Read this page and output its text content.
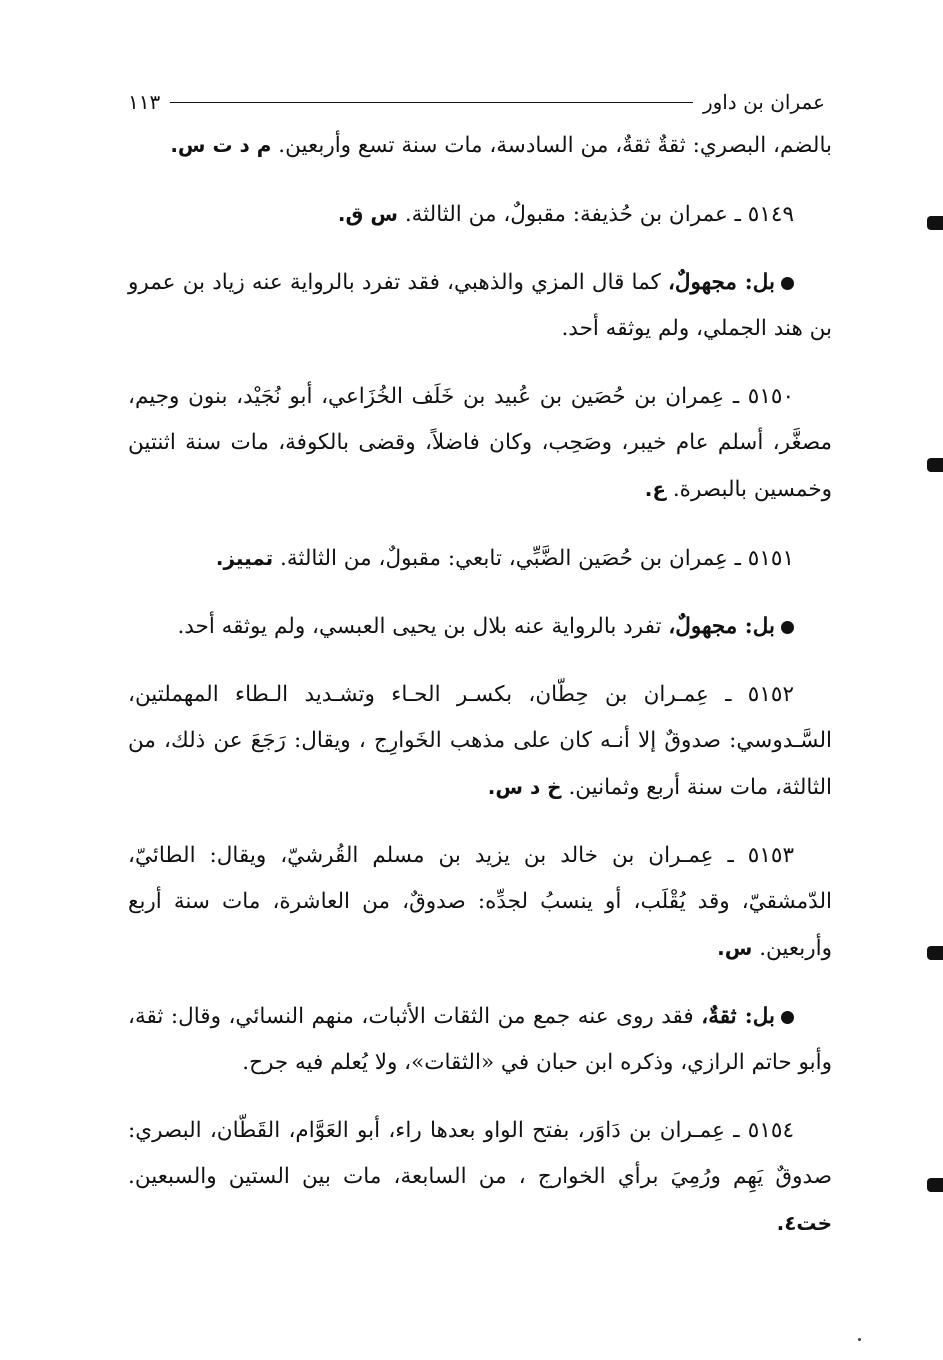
عمران بن داور
١١٣

بالضم، البصري: ثقةٌ ثقةٌ، من السادسة، مات سنة تسع وأربعين. م د ت س.

٥١٤٩ ـ عمران بن حُذيفة: مقبولٌ، من الثالثة. س ق.

بل: مجهولٌ، كما قال المزي والذهبي، فقد تفرد بالرواية عنه زياد بن عمرو بن هند الجملي، ولم يوثقه أحد.

٥١٥٠ ـ عِمران بن حُصَين بن عُبيد بن خَلَف الخُزَاعي، أبو نُجَيْد، بنون وجيم، مصغَّر، أسلم عام خيبر، وصَحِب، وكان فاضلاً، وقضى بالكوفة، مات سنة اثنتين وخمسين بالبصرة. ع.

٥١٥١ ـ عِمران بن حُصَين الضَّبِّي، تابعي: مقبولٌ، من الثالثة. تمييز.

بل: مجهولٌ، تفرد بالرواية عنه بلال بن يحيى العبسي، ولم يوثقه أحد.

٥١٥٢ ـ عِمـران بن حِطّان، بكسـر الحـاء وتشـديد الـطاء المهملتين، السَّـدوسي: صدوقٌ إلا أنـه كان على مذهب الخَوارِج ، ويقال: رَجَعَ عن ذلك، من الثالثة، مات سنة أربع وثمانين. خ د س.

٥١٥٣ ـ عِمـران بن خالد بن يزيد بن مسلم القُرشيّ، ويقال: الطائيّ، الدّمشقيّ، وقد يُقْلَب، أو ينسبُ لجدِّه: صدوقٌ، من العاشرة، مات سنة أربع وأربعين. س.

بل: ثقةٌ، فقد روى عنه جمع من الثقات الأثبات، منهم النسائي، وقال: ثقة، وأبو حاتم الرازي، وذكره ابن حبان في «الثقات»، ولا يُعلم فيه جرح.

٥١٥٤ ـ عِمـران بن دَاوَر، بفتح الواو بعدها راء، أبو العَوَّام، القَطّان، البصري: صدوقٌ يَهِم ورُمِيَ برأي الخوارج ، من السابعة، مات بين الستين والسبعين. خت٤.
